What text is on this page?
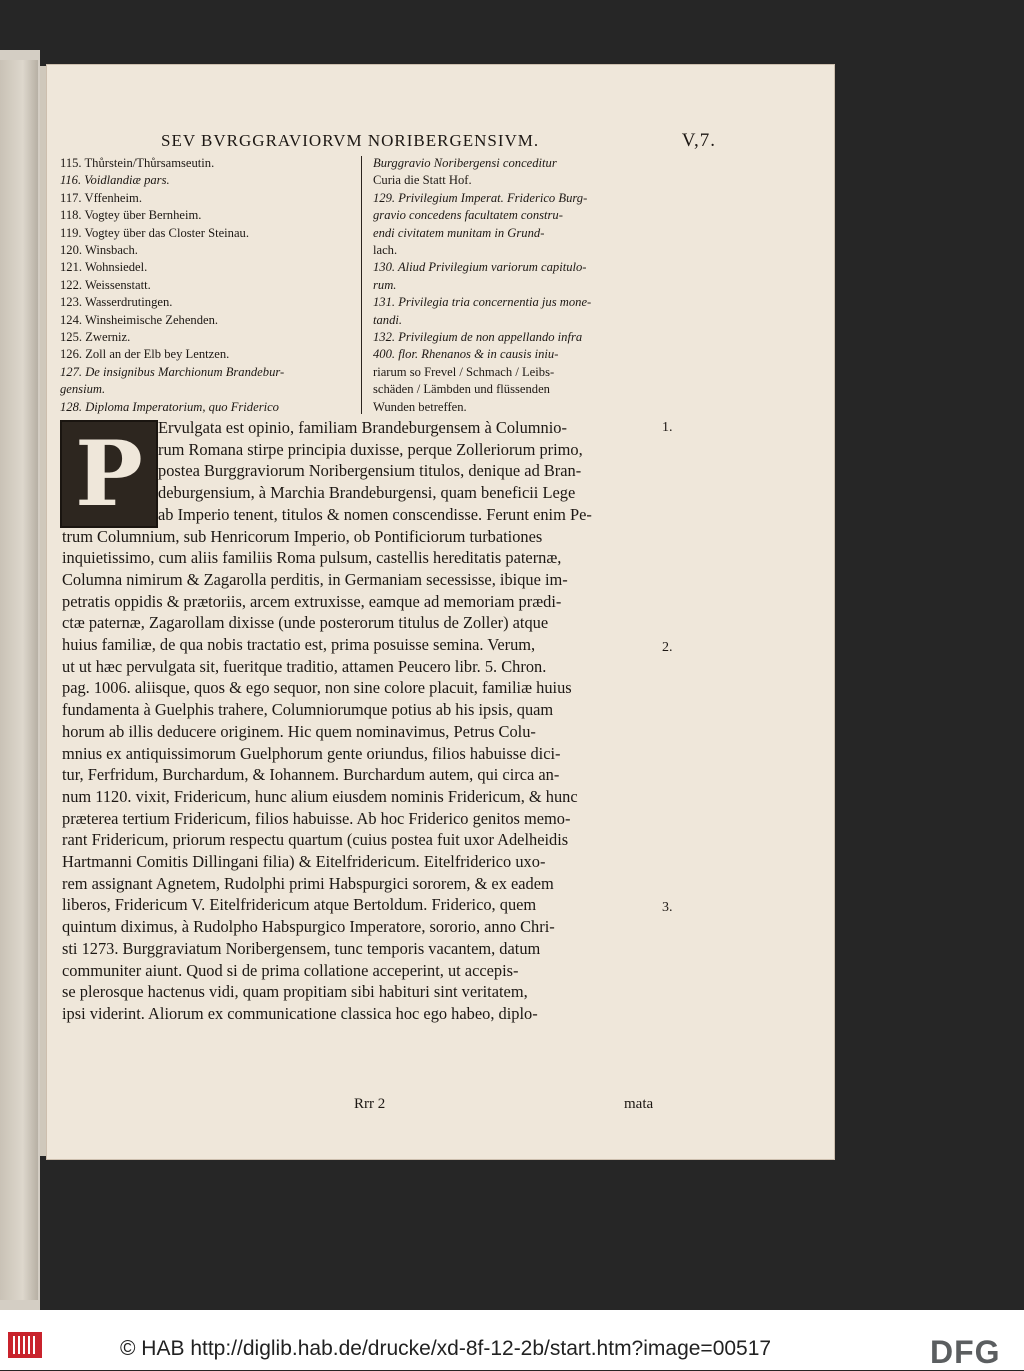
SEV BVRGGRAVIORVM NORIBERGENSIVM.	V,7.
115. Thůrstein/Thůrsamseutin.
116. Voidlandiæ pars.
117. Vffenheim.
118. Vogtey über Bernheim.
119. Vogtey über das Closter Steinau.
120. Winsbach.
121. Wohnsiedel.
122. Weissenstatt.
123. Wasserdrutingen.
124. Winsheimische Zehenden.
125. Zwerniz.
126. Zoll an der Elb bey Lentzen.
127. De insignibus Marchionum Brandebur-
gensium.
128. Diploma Imperatorium, quo Friderico
Burggravio Noribergensi conceditur
Curia die Statt Hof.
129. Privilegium Imperat. Friderico Burg-
gravio concedens facultatem constru-
endi civitatem munitam in Grund-
lach.
130. Aliud Privilegium variorum capitulo-
rum.
131. Privilegia tria concernentia jus mone-
tandi.
132. Privilegium de non appellando infra
400. flor. Rhenanos & in causis iniu-
riarum so Frevel / Schmach / Leibs-
schäden / Lämbden und flüssenden
Wunden betreffen.
P Ervulgata est opinio, familiam Brandeburgensem à Columnio-
rum Romana stirpe principia duxisse, perque Zolleriorum primo,
postea Burggraviorum Noribergensium titulos, denique ad Bran-
deburgensium, à Marchia Brandeburgensi, quam beneficii Lege
ab Imperio tenent, titulos & nomen conscendisse. Ferunt enim Pe-
trum Columnium, sub Henricorum Imperio, ob Pontificiorum turbationes
inquietissimo, cum aliis familiis Roma pulsum, castellis hereditatis paternæ,
Columna nimirum & Zagarolla perditis, in Germaniam secessisse, ibique im-
petratis oppidis & prætoriis, arcem extruxisse, eamque ad memoriam prædi-
ctæ paternæ, Zagarollam dixisse (unde posterorum titulus de Zoller) atque
huius familiæ, de qua nobis tractatio est, prima posuisse semina. Verum,
ut ut hæc pervulgata sit, fueritque traditio, attamen Peucero libr. 5. Chron.
pag. 1006. aliisque, quos & ego sequor, non sine colore placuit, familiæ huius
fundamenta à Guelphis trahere, Columniorumque potius ab his ipsis, quam
horum ab illis deducere originem. Hic quem nominavimus, Petrus Colu-
mnius ex antiquissimorum Guelphorum gente oriundus, filios habuisse dici-
tur, Ferfridum, Burchardum, & Iohannem. Burchardum autem, qui circa an-
num 1120. vixit, Fridericum, hunc alium eiusdem nominis Fridericum, & hunc
præterea tertium Fridericum, filios habuisse. Ab hoc Friderico genitos memo-
rant Fridericum, priorum respectu quartum (cuius postea fuit uxor Adelheidis
Hartmanni Comitis Dillingani filia) & Eitelfridericum. Eitelfriderico uxo-
rem assignant Agnetem, Rudolphi primi Habspurgici sororem, & ex eadem
liberos, Fridericum V. Eitelfridericum atque Bertoldum. Friderico, quem
quintum diximus, à Rudolpho Habspurgico Imperatore, sororio, anno Chri-
sti 1273. Burggraviatum Noribergensem, tunc temporis vacantem, datum
communiter aiunt. Quod si de prima collatione acceperint, ut accepis-
se plerosque hactenus vidi, quam propitiam sibi habituri sint veritatem,
ipsi viderint. Aliorum ex communicatione classica hoc ego habeo, diplo-
1.
2.
3.
Rrr 2	mata
© HAB http://diglib.hab.de/drucke/xd-8f-12-2b/start.htm?image=00517	DFG
